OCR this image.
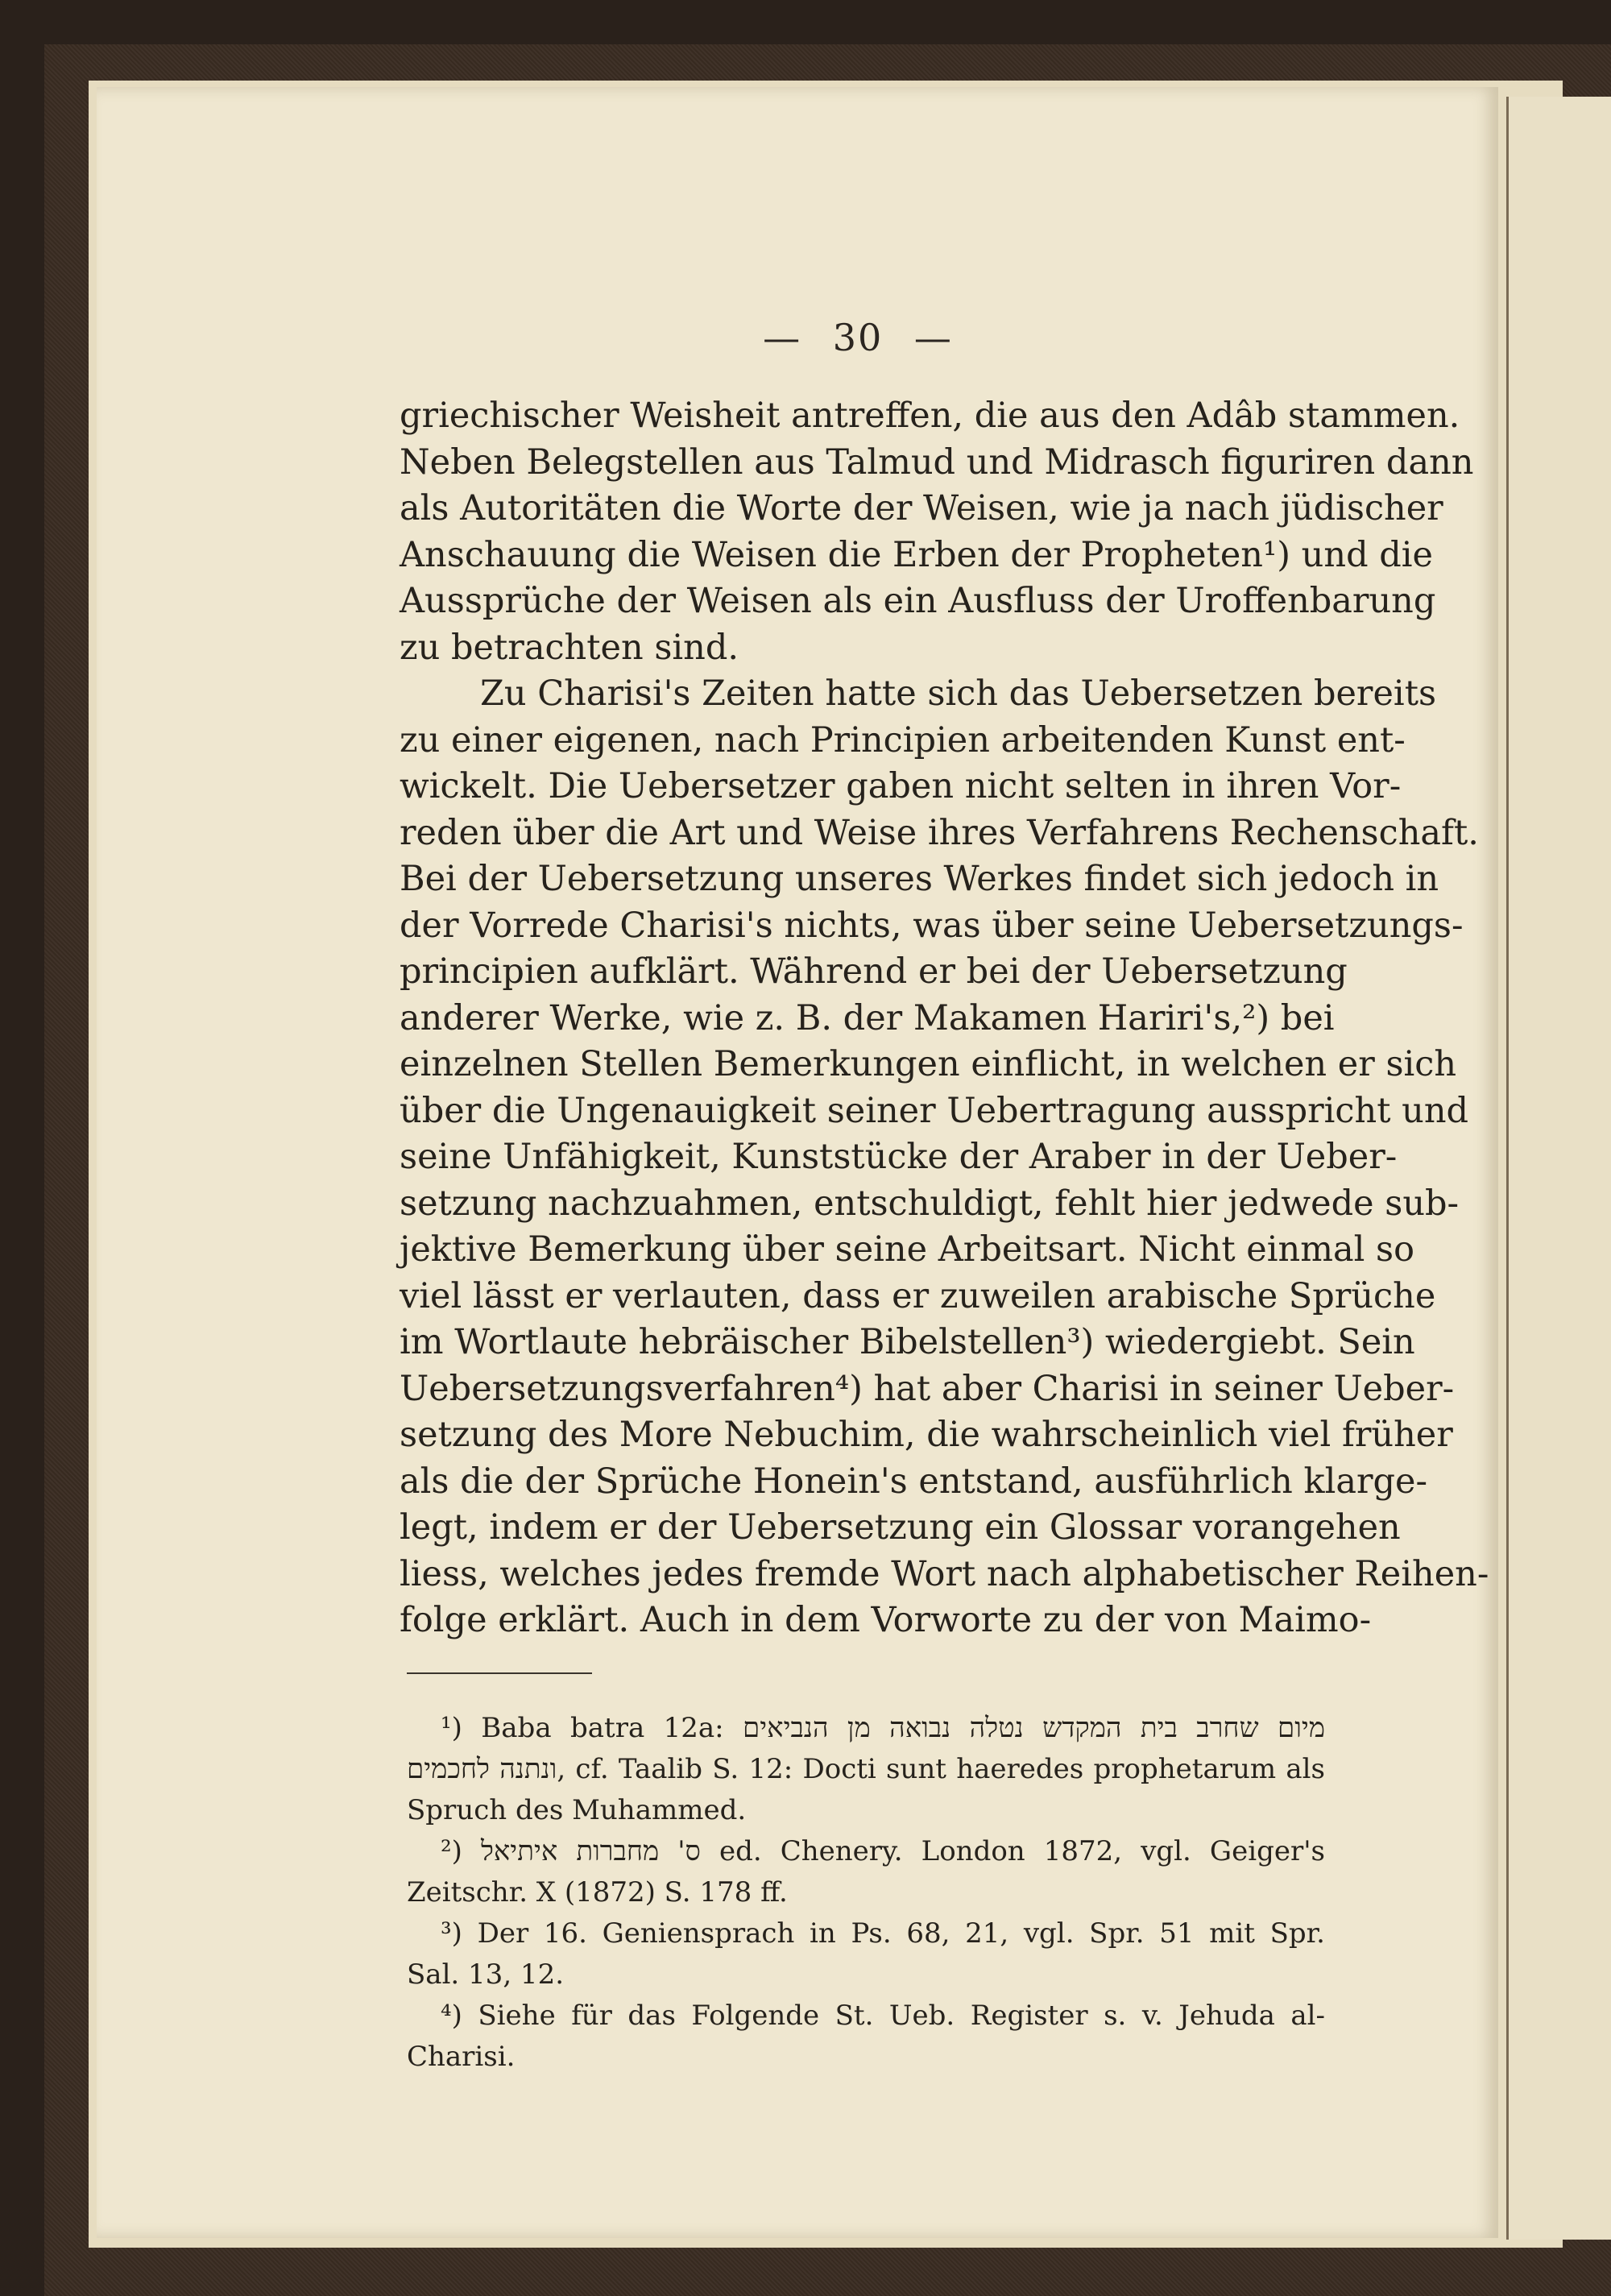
— 30 —
griechischer Weisheit antreffen, die aus den Adâb stammen.
Neben Belegstellen aus Talmud und Midrasch figuriren dann
als Autoritäten die Worte der Weisen, wie ja nach jüdischer
Anschauung die Weisen die Erben der Propheten¹) und die
Aussprüche der Weisen als ein Ausfluss der Uroffenbarung
zu betrachten sind.
Zu Charisi's Zeiten hatte sich das Uebersetzen bereits
zu einer eigenen, nach Principien arbeitenden Kunst ent-
wickelt. Die Uebersetzer gaben nicht selten in ihren Vor-
reden über die Art und Weise ihres Verfahrens Rechenschaft.
Bei der Uebersetzung unseres Werkes findet sich jedoch in
der Vorrede Charisi's nichts, was über seine Uebersetzungs-
principien aufklärt. Während er bei der Uebersetzung
anderer Werke, wie z. B. der Makamen Hariri's,²) bei
einzelnen Stellen Bemerkungen einflicht, in welchen er sich
über die Ungenauigkeit seiner Uebertragung ausspricht und
seine Unfähigkeit, Kunststücke der Araber in der Ueber-
setzung nachzuahmen, entschuldigt, fehlt hier jedwede sub-
jektive Bemerkung über seine Arbeitsart. Nicht einmal so
viel lässt er verlauten, dass er zuweilen arabische Sprüche
im Wortlaute hebräischer Bibelstellen³) wiedergiebt. Sein
Uebersetzungsverfahren⁴) hat aber Charisi in seiner Ueber-
setzung des More Nebuchim, die wahrscheinlich viel früher
als die der Sprüche Honein's entstand, ausführlich klarge-
legt, indem er der Uebersetzung ein Glossar vorangehen
liess, welches jedes fremde Wort nach alphabetischer Reihen-
folge erklärt. Auch in dem Vorworte zu der von Maimo-
¹) Baba batra 12a: מיום שחרב בית המקדש נטלה נבואה מן הנביאים
ונתנה לחכמים, cf. Taalib S. 12: Docti sunt haeredes prophetarum als
Spruch des Muhammed.
²) ס' מחברות איתיאל ed. Chenery. London 1872, vgl. Geiger's
Zeitschr. X (1872) S. 178 ff.
³) Der 16. Geniensprach in Ps. 68, 21, vgl. Spr. 51 mit Spr.
Sal. 13, 12.
⁴) Siehe für das Folgende St. Ueb. Register s. v. Jehuda al-
Charisi.
